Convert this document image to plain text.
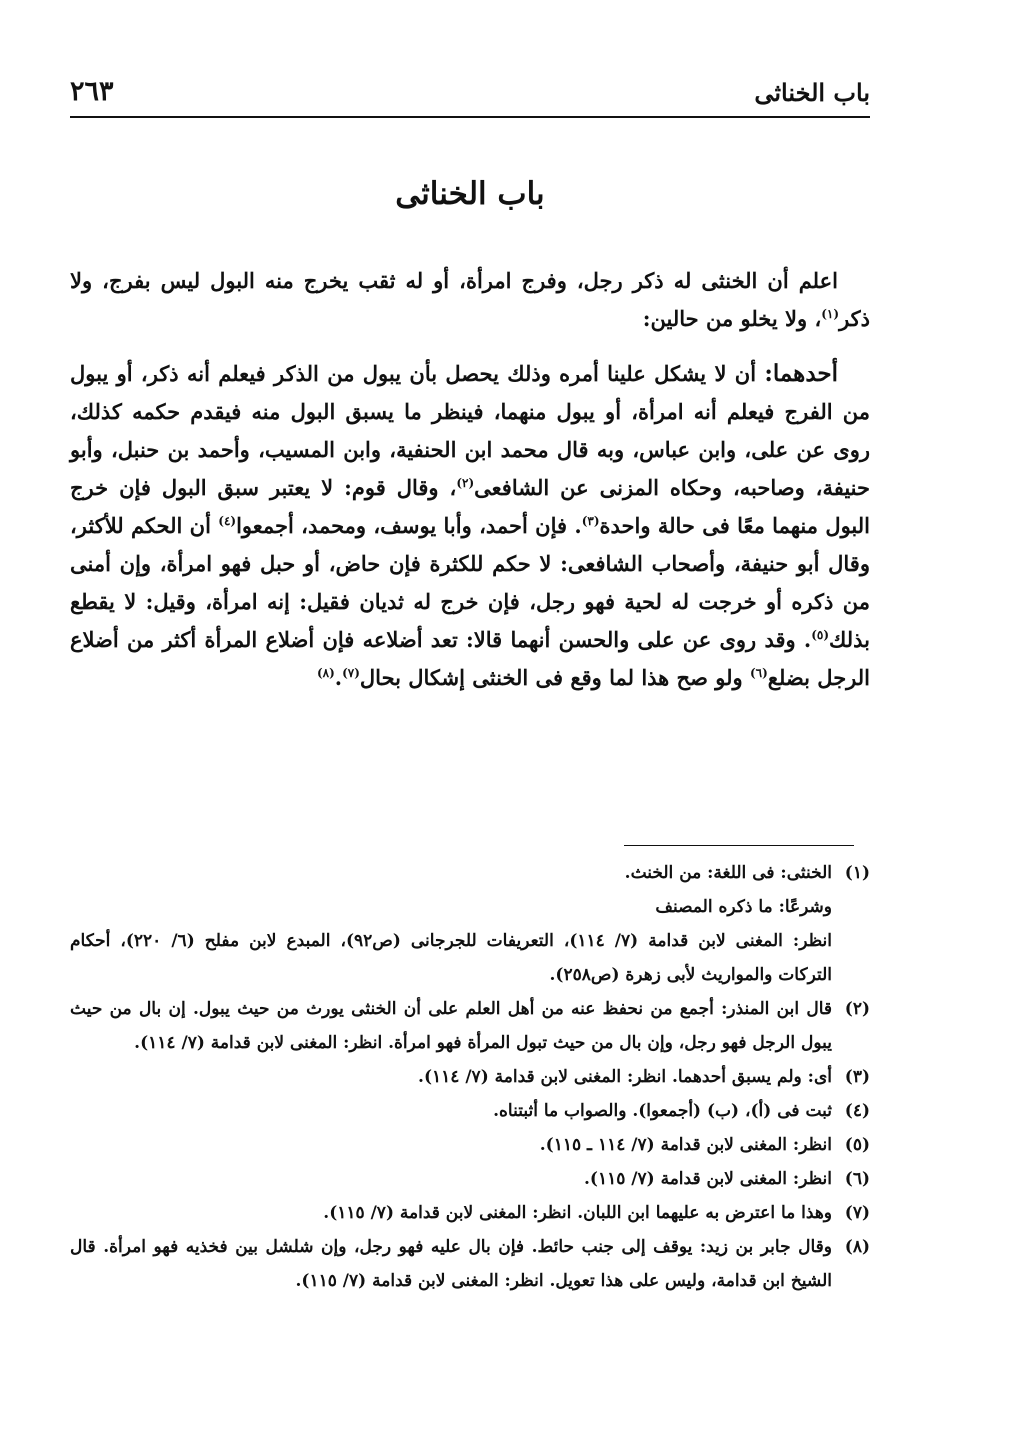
باب الخناثى
٢٦٣
باب الخناثى

اعلم أن الخنثى له ذكر رجل، وفرج امرأة، أو له ثقب يخرج منه البول ليس بفرج، ولا ذكر$^{(١)}$، ولا يخلو من حالين:

أحدهما: أن لا يشكل علينا أمره وذلك يحصل بأن يبول من الذكر فيعلم أنه ذكر، أو يبول من الفرج فيعلم أنه امرأة، أو يبول منهما، فينظر ما يسبق البول منه فيقدم حكمه كذلك، روى عن على، وابن عباس، وبه قال محمد ابن الحنفية، وابن المسيب، وأحمد بن حنبل، وأبو حنيفة، وصاحبه، وحكاه المزنى عن الشافعى$^{(٢)}$، وقال قوم: لا يعتبر سبق البول فإن خرج البول منهما معًا فى حالة واحدة$^{(٣)}$. فإن أحمد، وأبا يوسف، ومحمد، أجمعوا$^{(٤)}$ أن الحكم للأكثر، وقال أبو حنيفة، وأصحاب الشافعى: لا حكم للكثرة فإن حاض، أو حبل فهو امرأة، وإن أمنى من ذكره أو خرجت له لحية فهو رجل، فإن خرج له ثديان فقيل: إنه امرأة، وقيل: لا يقطع بذلك$^{(٥)}$. وقد روى عن على والحسن أنهما قالا: تعد أضلاعه فإن أضلاع المرأة أكثر من أضلاع الرجل بضلع$^{(٦)}$ ولو صح هذا لما وقع فى الخنثى إشكال بحال$^{(٧)}$.$^{(٨)}$

(١)
الخنثى: فى اللغة: من الخنث.
وشرعًا: ما ذكره المصنف
انظر: المغنى لابن قدامة (٧/ ١١٤)، التعريفات للجرجانى (ص٩٢)، المبدع لابن مفلح (٦/ ٢٢٠)، أحكام التركات والمواريث لأبى زهرة (ص٢٥٨).
(٢)
قال ابن المنذر: أجمع من نحفظ عنه من أهل العلم على أن الخنثى يورث من حيث يبول. إن بال من حيث يبول الرجل فهو رجل، وإن بال من حيث تبول المرأة فهو امرأة. انظر: المغنى لابن قدامة (٧/ ١١٤).
(٣)
أى: ولم يسبق أحدهما. انظر: المغنى لابن قدامة (٧/ ١١٤).
(٤)
ثبت فى (أ)، (ب) (أجمعوا). والصواب ما أثبتناه.
(٥)
انظر: المغنى لابن قدامة (٧/ ١١٤ ـ ١١٥).
(٦)
انظر: المغنى لابن قدامة (٧/ ١١٥).
(٧)
وهذا ما اعترض به عليهما ابن اللبان. انظر: المغنى لابن قدامة (٧/ ١١٥).
(٨)
وقال جابر بن زيد: يوقف إلى جنب حائط. فإن بال عليه فهو رجل، وإن شلشل بين فخذيه فهو امرأة. قال الشيخ ابن قدامة، وليس على هذا تعويل. انظر: المغنى لابن قدامة (٧/ ١١٥).
